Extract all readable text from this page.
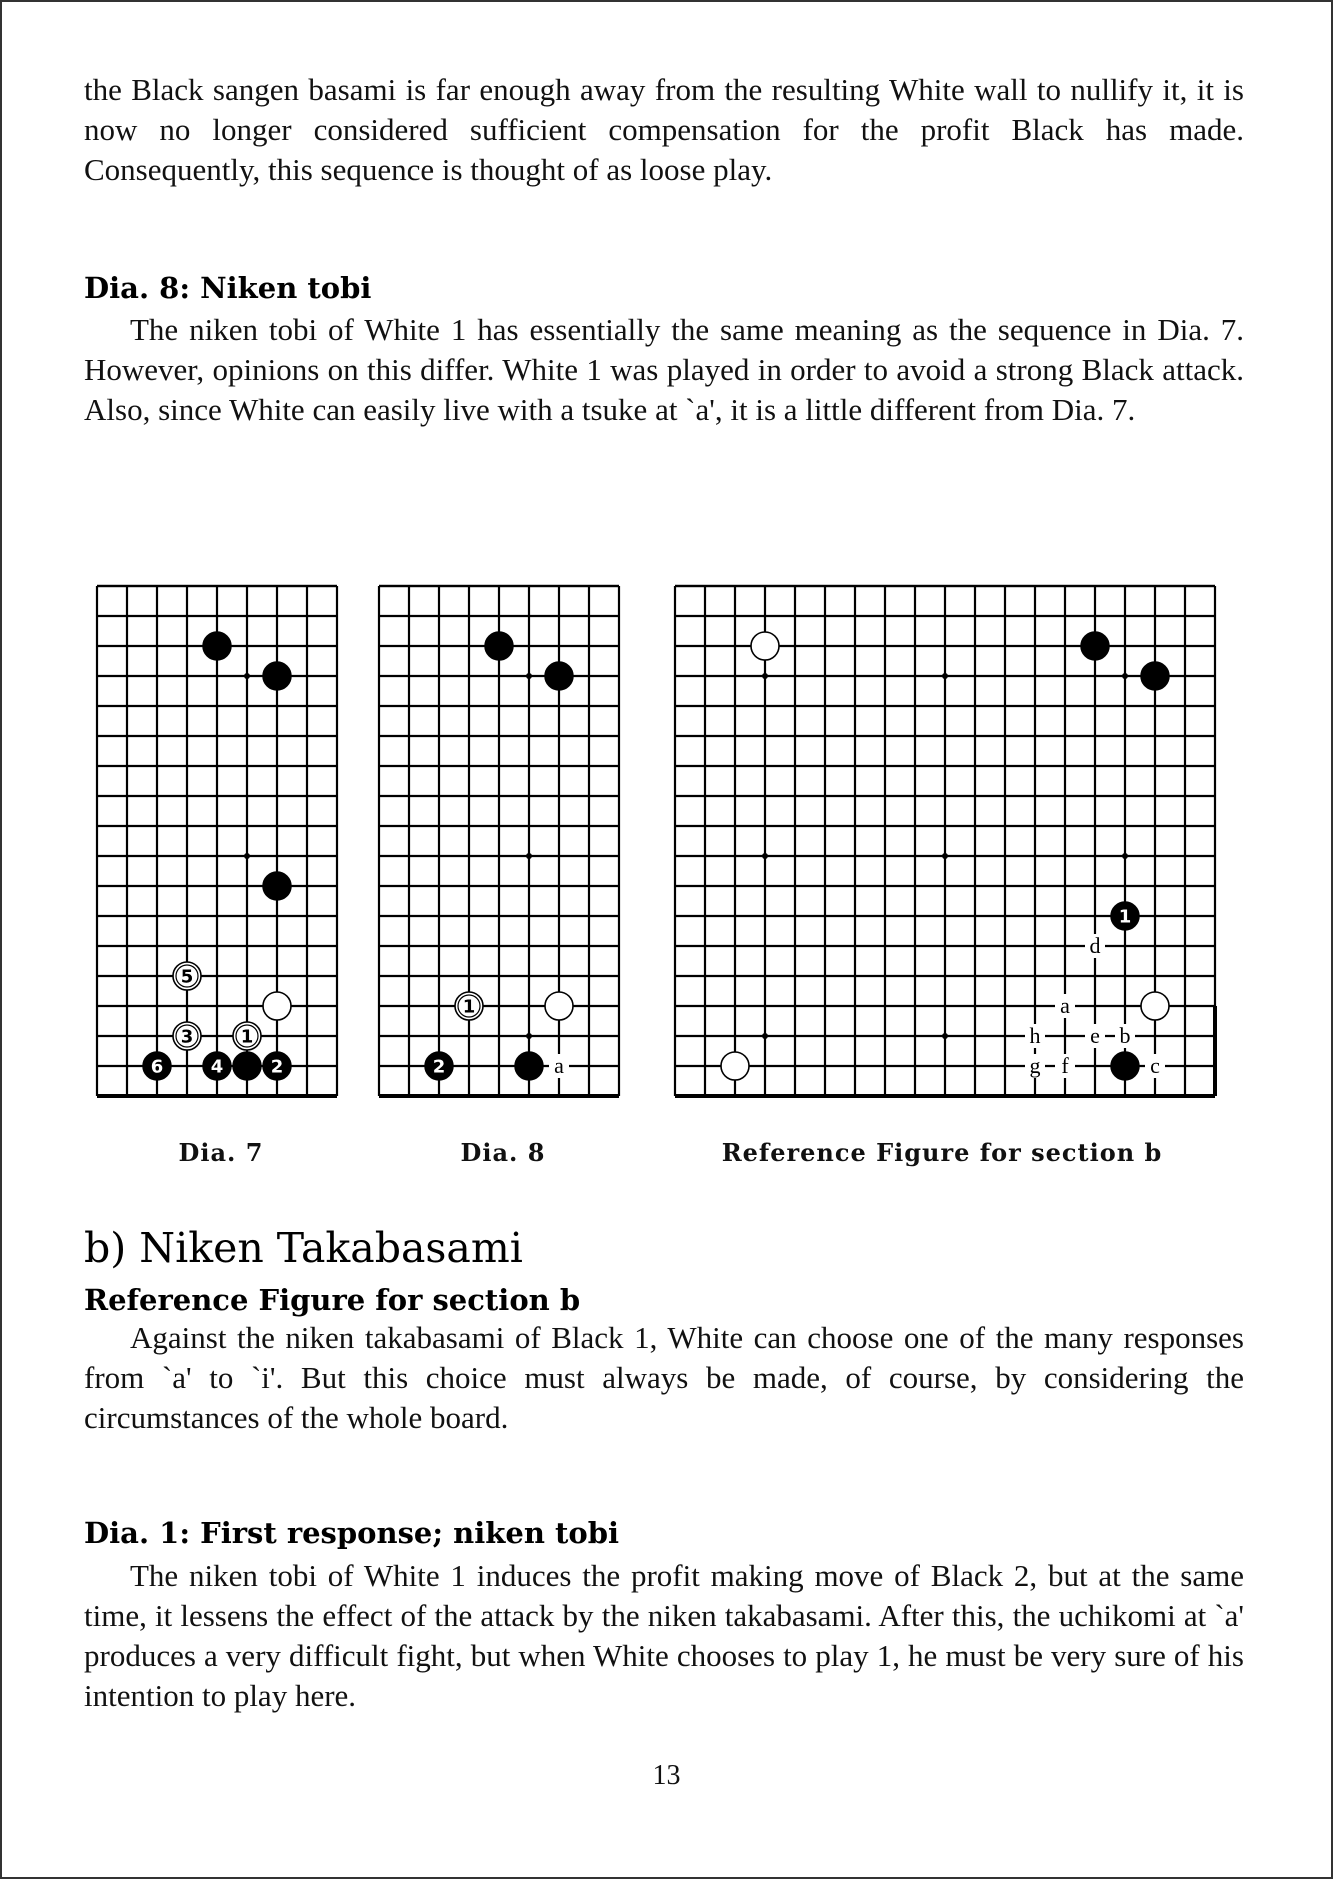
the Black sangen basami is far enough away from the resulting White wall to nullify it, it is now no longer considered sufficient compensation for the profit Black has made. Consequently, this sequence is thought of as loose play.
Dia. 8: Niken tobi
The niken tobi of White 1 has essentially the same meaning as the sequence in Dia. 7. However, opinions on this differ. White 1 was played in order to avoid a strong Black attack. Also, since White can easily live with a tsuke at `a', it is a little different from Dia. 7.
5
3	1
6	4	2	a
1
2
d
a
h e b
g f	c
1
Dia. 7	Dia. 8	Reference Figure for section b
b) Niken Takabasami
Reference Figure for section b
Against the niken takabasami of Black 1, White can choose one of the many responses from `a' to `i'. But this choice must always be made, of course, by considering the circumstances of the whole board.
Dia. 1: First response; niken tobi
The niken tobi of White 1 induces the profit making move of Black 2, but at the same time, it lessens the effect of the attack by the niken takabasami. After this, the uchikomi at `a' produces a very difficult fight, but when White chooses to play 1, he must be very sure of his intention to play here.
13
